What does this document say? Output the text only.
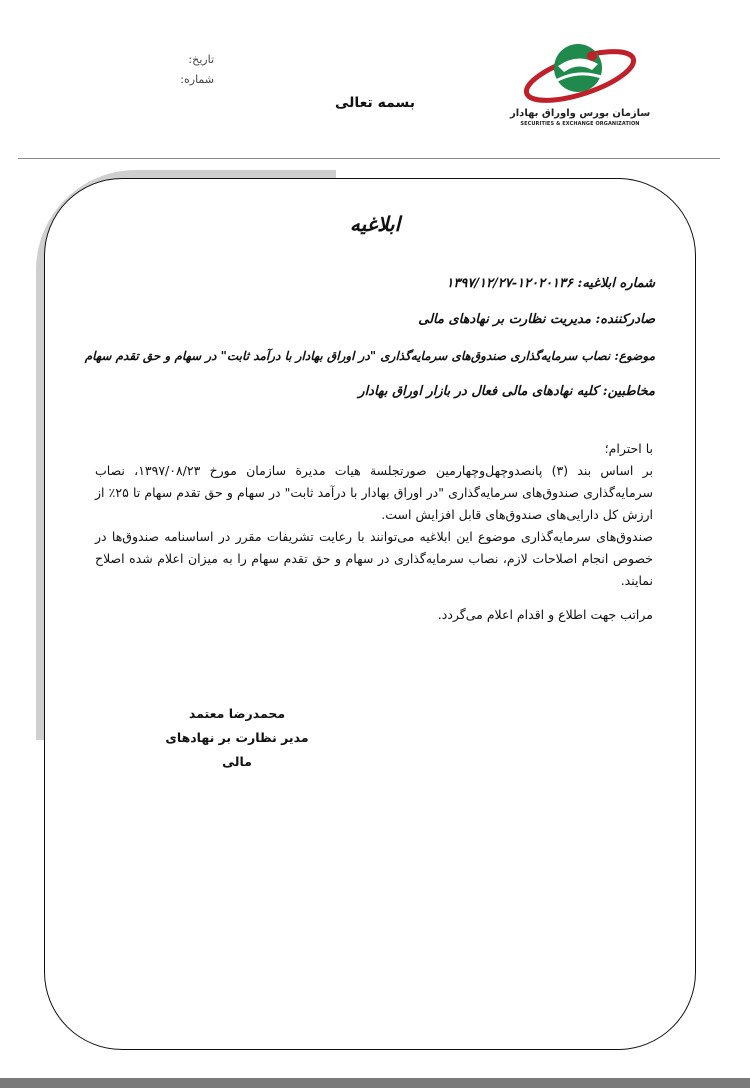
سازمان بورس واوراق بهادار
SECURITIES & EXCHANGE ORGANIZATION
بسمه تعالی
تاریخ:
شماره:
ابلاغیه
شماره ابلاغیه: ۱۲۰۲۰۱۳۶-۱۳۹۷/۱۲/۲۷
صادرکننده: مدیریت نظارت بر نهادهای مالی
موضوع: نصاب سرمایه‌گذاری صندوق‌های سرمایه‌گذاری "در اوراق بهادار با درآمد ثابت" در سهام و حق تقدم سهام
مخاطبین: کلیه نهادهای مالی فعال در بازار اوراق بهادار

با احترام؛

بر اساس بند (۳) پانصدوچهل‌وچهارمین صورتجلسة هیات مدیرة سازمان مورخ ۱۳۹۷/۰۸/۲۳، نصاب سرمایه‌گذاری صندوق‌های سرمایه‌گذاری "در اوراق بهادار با درآمد ثابت" در سهام و حق تقدم سهام تا ۲۵٪ از ارزش کل دارایی‌های صندوق‌های قابل افزایش است.

صندوق‌های سرمایه‌گذاری موضوع این ابلاغیه می‌توانند با رعایت تشریفات مقرر در اساسنامه صندوق‌ها در خصوص انجام اصلاحات لازم، نصاب سرمایه‌گذاری در سهام و حق تقدم سهام را به میزان اعلام شده اصلاح نمایند.

مراتب جهت اطلاع و اقدام اعلام می‌گردد.

محمدرضا معتمد
مدیر نظارت بر نهادهای مالی
